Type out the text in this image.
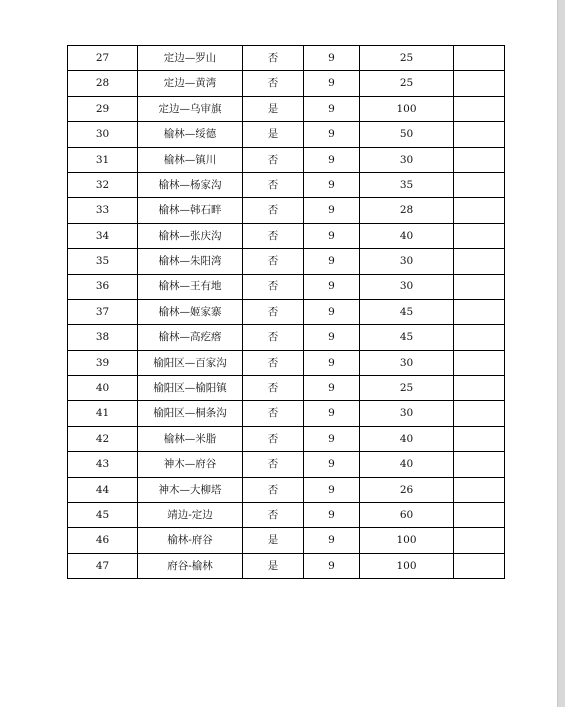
27	定边—罗山	否	9	25	
28	定边—黄湾	否	9	25	
29	定边—乌审旗	是	9	100	
30	榆林—绥德	是	9	50	
31	榆林—镇川	否	9	30	
32	榆林—杨家沟	否	9	35	
33	榆林—韩石畔	否	9	28	
34	榆林—张庆沟	否	9	40	
35	榆林—朱阳湾	否	9	30	
36	榆林—王有地	否	9	30	
37	榆林—姬家寨	否	9	45	
38	榆林—高疙瘩	否	9	45	
39	榆阳区—百家沟	否	9	30	
40	榆阳区—榆阳镇	否	9	25	
41	榆阳区—桐条沟	否	9	30	
42	榆林—米脂	否	9	40	
43	神木—府谷	否	9	40	
44	神木—大柳塔	否	9	26	
45	靖边-定边	否	9	60	
46	榆林-府谷	是	9	100	
47	府谷-榆林	是	9	100	
